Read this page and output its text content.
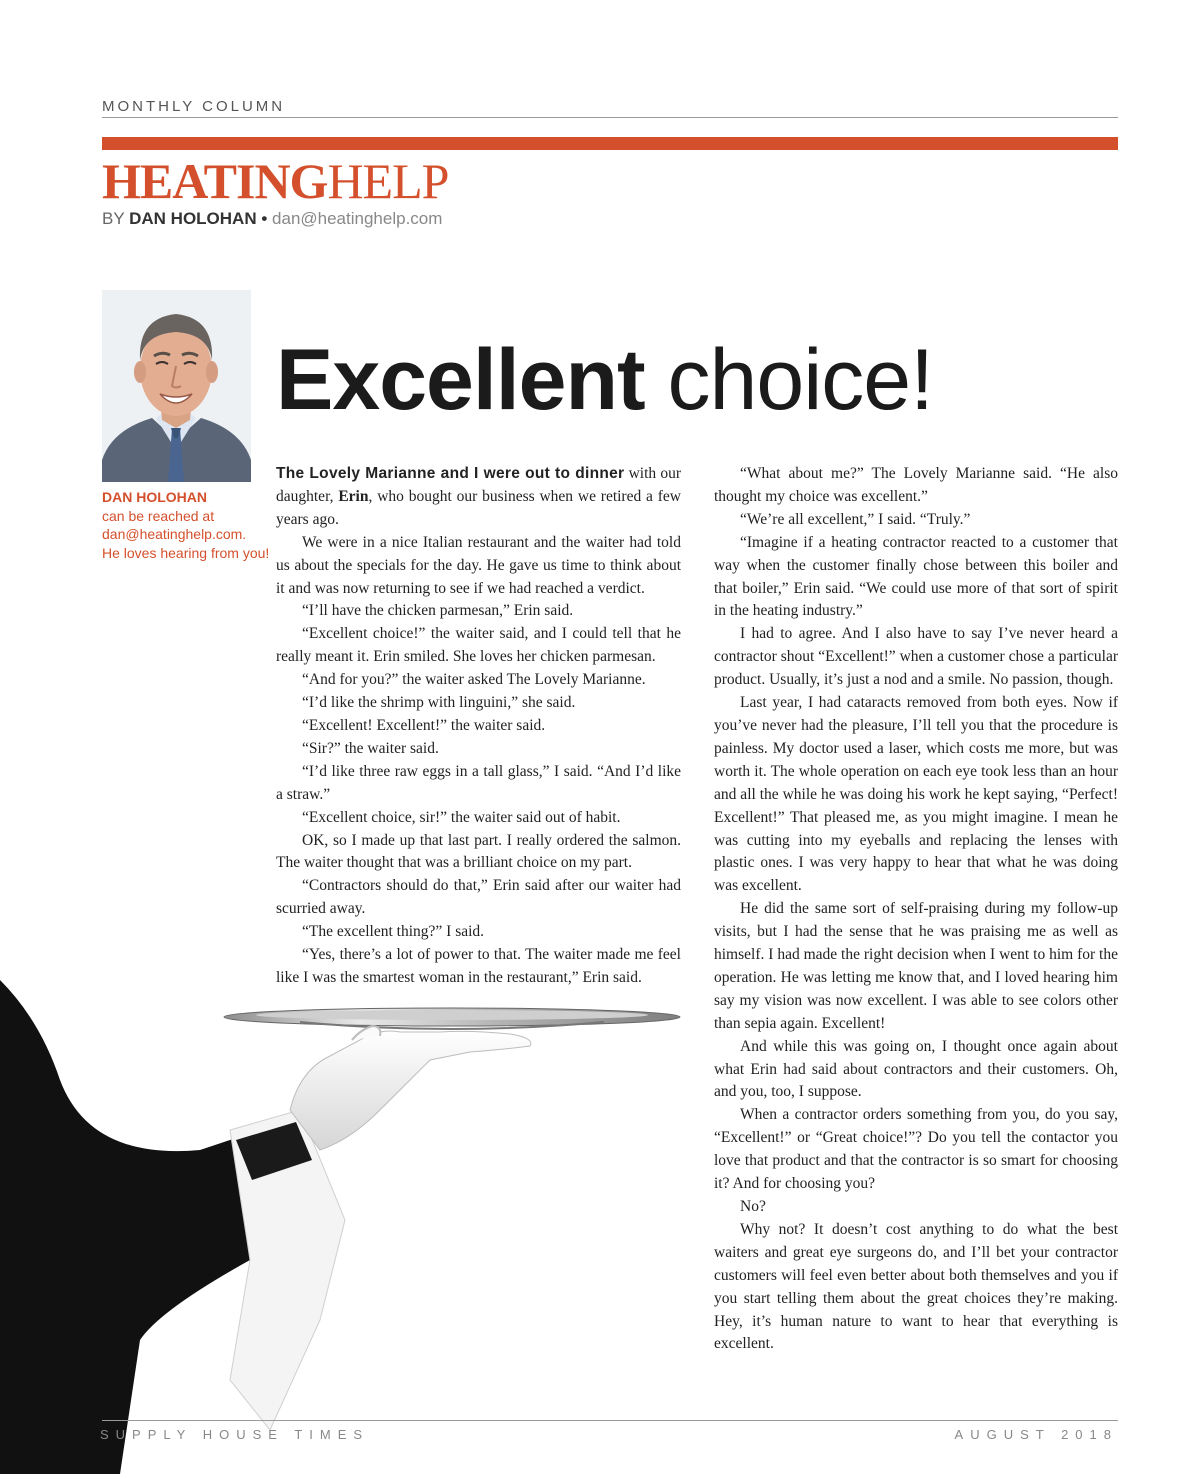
MONTHLY COLUMN
HEATINGHELP
BY DAN HOLOHAN • dan@heatinghelp.com
DAN HOLOHAN
can be reached at
dan@heatinghelp.com.
He loves hearing from you!
Excellent choice!

The Lovely Marianne and I were out to dinner with our daughter, Erin, who bought our business when we retired a few years ago.

We were in a nice Italian restaurant and the waiter had told us about the specials for the day. He gave us time to think about it and was now returning to see if we had reached a verdict.

“I’ll have the chicken parmesan,” Erin said.

“Excellent choice!” the waiter said, and I could tell that he really meant it. Erin smiled. She loves her chicken parmesan.

“And for you?” the waiter asked The Lovely Marianne.

“I’d like the shrimp with linguini,” she said.

“Excellent! Excellent!” the waiter said.

“Sir?” the waiter said.

“I’d like three raw eggs in a tall glass,” I said. “And I’d like a straw.”

“Excellent choice, sir!” the waiter said out of habit.

OK, so I made up that last part. I really ordered the salmon. The waiter thought that was a brilliant choice on my part.

“Contractors should do that,” Erin said after our waiter had scurried away.

“The excellent thing?” I said.

“Yes, there’s a lot of power to that. The waiter made me feel like I was the smartest woman in the restaurant,” Erin said.

“What about me?” The Lovely Marianne said. “He also thought my choice was excellent.”

“We’re all excellent,” I said. “Truly.”

“Imagine if a heating contractor reacted to a customer that way when the customer finally chose between this boiler and that boiler,” Erin said. “We could use more of that sort of spirit in the heating industry.”

I had to agree. And I also have to say I’ve never heard a contractor shout “Excellent!” when a customer chose a particular product. Usually, it’s just a nod and a smile. No passion, though.

Last year, I had cataracts removed from both eyes. Now if you’ve never had the pleasure, I’ll tell you that the procedure is painless. My doctor used a laser, which costs me more, but was worth it. The whole operation on each eye took less than an hour and all the while he was doing his work he kept saying, “Perfect! Excellent!” That pleased me, as you might imagine. I mean he was cutting into my eyeballs and replacing the lenses with plastic ones. I was very happy to hear that what he was doing was excellent.

He did the same sort of self-praising during my follow-up visits, but I had the sense that he was praising me as well as himself. I had made the right decision when I went to him for the operation. He was letting me know that, and I loved hearing him say my vision was now excellent. I was able to see colors other than sepia again. Excellent!

And while this was going on, I thought once again about what Erin had said about contractors and their customers. Oh, and you, too, I suppose.

When a contractor orders something from you, do you say, “Excellent!” or “Great choice!”? Do you tell the contactor you love that product and that the contractor is so smart for choosing it? And for choosing you?

No?

Why not? It doesn’t cost anything to do what the best waiters and great eye surgeons do, and I’ll bet your contractor customers will feel even better about both themselves and you if you start telling them about the great choices they’re making. Hey, it’s human nature to want to hear that everything is excellent.

48	SUPPLY HOUSE TIMES	AUGUST 2018
